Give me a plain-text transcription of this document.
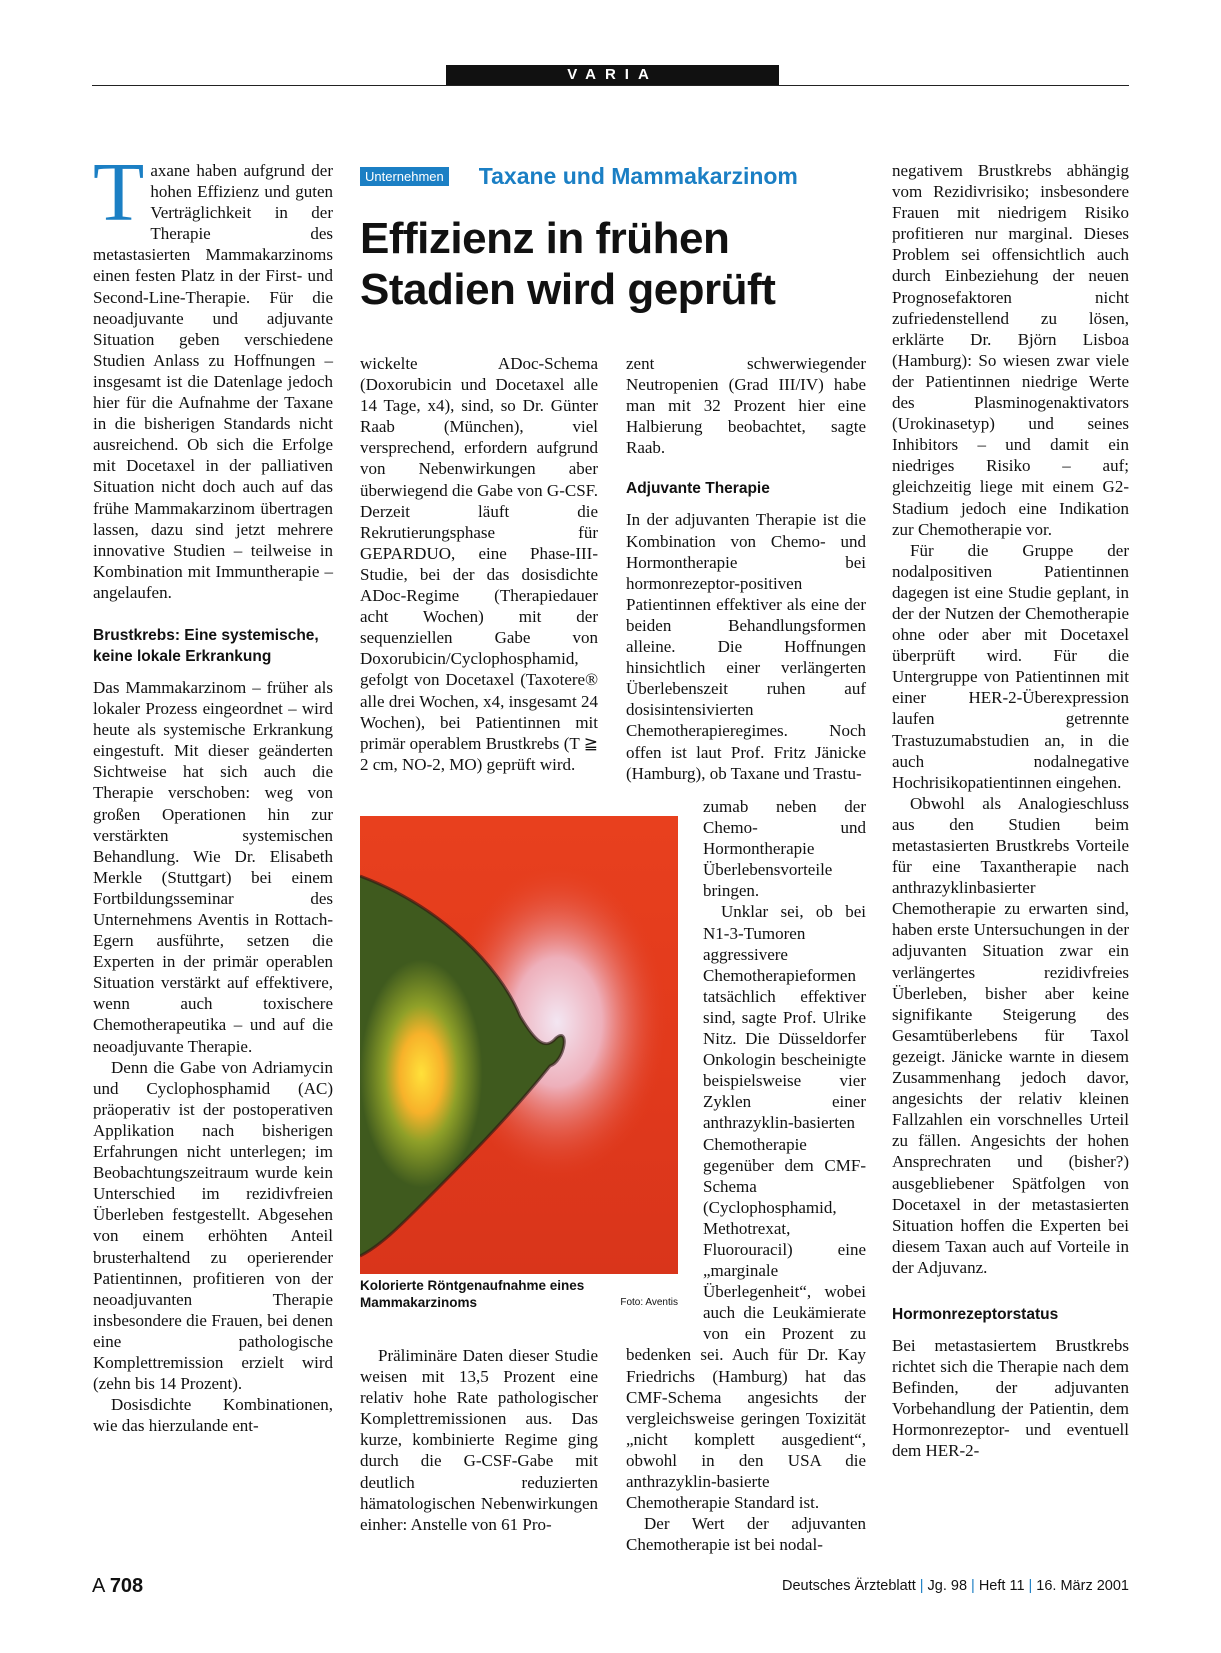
VARIA

Taxane haben aufgrund der hohen Effizienz und guten Verträglichkeit in der Therapie des metastasierten Mammakarzinoms einen festen Platz in der First- und Second-Line-Therapie. Für die neoadjuvante und adjuvante Situation geben verschiedene Studien Anlass zu Hoffnungen – insgesamt ist die Datenlage jedoch hier für die Aufnahme der Taxane in die bisherigen Standards nicht ausreichend. Ob sich die Erfolge mit Docetaxel in der palliativen Situation nicht doch auch auf das frühe Mammakarzinom übertragen lassen, dazu sind jetzt mehrere innovative Studien – teilweise in Kombination mit Immuntherapie – angelaufen.

Brustkrebs: Eine systemische, keine lokale Erkrankung

Das Mammakarzinom – früher als lokaler Prozess eingeordnet – wird heute als systemische Erkrankung eingestuft. Mit dieser geänderten Sichtweise hat sich auch die Therapie verschoben: weg von großen Operationen hin zur verstärkten systemischen Behandlung. Wie Dr. Elisabeth Merkle (Stuttgart) bei einem Fortbildungsseminar des Unternehmens Aventis in Rottach-Egern ausführte, setzen die Experten in der primär operablen Situation verstärkt auf effektivere, wenn auch toxischere Chemotherapeutika – und auf die neoadjuvante Therapie.

Denn die Gabe von Adriamycin und Cyclophosphamid (AC) präoperativ ist der postoperativen Applikation nach bisherigen Erfahrungen nicht unterlegen; im Beobachtungszeitraum wurde kein Unterschied im rezidivfreien Überleben festgestellt. Abgesehen von einem erhöhten Anteil brusterhaltend zu operierender Patientinnen, profitieren von der neoadjuvanten Therapie insbesondere die Frauen, bei denen eine pathologische Komplettremission erzielt wird (zehn bis 14 Prozent).

Dosisdichte Kombinationen, wie das hierzulande ent-

Unternehmen Taxane und Mammakarzinom
Effizienz in frühen
Stadien wird geprüft

wickelte ADoc-Schema (Doxorubicin und Docetaxel alle 14 Tage, x4), sind, so Dr. Günter Raab (München), viel versprechend, erfordern aufgrund von Nebenwirkungen aber überwiegend die Gabe von G-CSF. Derzeit läuft die Rekrutierungsphase für GEPARDUO, eine Phase-III-Studie, bei der das dosisdichte ADoc-Regime (Therapiedauer acht Wochen) mit der sequenziellen Gabe von Doxorubicin/Cyclophosphamid, gefolgt von Docetaxel (Taxotere® alle drei Wochen, x4, insgesamt 24 Wochen), bei Patientinnen mit primär operablem Brustkrebs (T ≧ 2 cm, NO-2, MO) geprüft wird.

Kolorierte Röntgenaufnahme eines Mammakarzinoms	Foto: Aventis

Präliminäre Daten dieser Studie weisen mit 13,5 Prozent eine relativ hohe Rate pathologischer Komplettremissionen aus. Das kurze, kombinierte Regime ging durch die G-CSF-Gabe mit deutlich reduzierten hämatologischen Nebenwirkungen einher: Anstelle von 61 Pro-

zent schwerwiegender Neutropenien (Grad III/IV) habe man mit 32 Prozent hier eine Halbierung beobachtet, sagte Raab.

Adjuvante Therapie

In der adjuvanten Therapie ist die Kombination von Chemo- und Hormontherapie bei hormonrezeptor-positiven Patientinnen effektiver als eine der beiden Behandlungsformen alleine. Die Hoffnungen hinsichtlich einer verlängerten Überlebenszeit ruhen auf dosisintensivierten Chemotherapieregimes. Noch offen ist laut Prof. Fritz Jänicke (Hamburg), ob Taxane und Trastu-

zumab neben der Chemo- und Hormontherapie Überlebensvorteile bringen.

Unklar sei, ob bei N1-3-Tumoren aggressivere Chemotherapieformen tatsächlich effektiver sind, sagte Prof. Ulrike Nitz. Die Düsseldorfer Onkologin bescheinigte beispielsweise vier Zyklen einer anthrazyklin-basierten Chemotherapie gegenüber dem CMF-Schema (Cyclophosphamid, Methotrexat, Fluorouracil) eine „marginale Überlegenheit“, wobei auch die Leukämierate von ein Prozent zu bedenken sei. Auch für Dr. Kay Friedrichs (Hamburg) hat das CMF-Schema angesichts der vergleichsweise geringen Toxizität „nicht komplett ausgedient“, obwohl in den USA die anthrazyklin-basierte Chemotherapie Standard ist.

Der Wert der adjuvanten Chemotherapie ist bei nodal-

negativem Brustkrebs abhängig vom Rezidivrisiko; insbesondere Frauen mit niedrigem Risiko profitieren nur marginal. Dieses Problem sei offensichtlich auch durch Einbeziehung der neuen Prognosefaktoren nicht zufriedenstellend zu lösen, erklärte Dr. Björn Lisboa (Hamburg): So wiesen zwar viele der Patientinnen niedrige Werte des Plasminogenaktivators (Urokinasetyp) und seines Inhibitors – und damit ein niedriges Risiko – auf; gleichzeitig liege mit einem G2-Stadium jedoch eine Indikation zur Chemotherapie vor.

Für die Gruppe der nodalpositiven Patientinnen dagegen ist eine Studie geplant, in der der Nutzen der Chemotherapie ohne oder aber mit Docetaxel überprüft wird. Für die Untergruppe von Patientinnen mit einer HER-2-Überexpression laufen getrennte Trastuzumabstudien an, in die auch nodalnegative Hochrisikopatientinnen eingehen.

Obwohl als Analogieschluss aus den Studien beim metastasierten Brustkrebs Vorteile für eine Taxantherapie nach anthrazyklinbasierter Chemotherapie zu erwarten sind, haben erste Untersuchungen in der adjuvanten Situation zwar ein verlängertes rezidivfreies Überleben, bisher aber keine signifikante Steigerung des Gesamtüberlebens für Taxol gezeigt. Jänicke warnte in diesem Zusammenhang jedoch davor, angesichts der relativ kleinen Fallzahlen ein vorschnelles Urteil zu fällen. Angesichts der hohen Ansprechraten und (bisher?) ausgebliebener Spätfolgen von Docetaxel in der metastasierten Situation hoffen die Experten bei diesem Taxan auch auf Vorteile in der Adjuvanz.

Hormonrezeptorstatus

Bei metastasiertem Brustkrebs richtet sich die Therapie nach dem Befinden, der adjuvanten Vorbehandlung der Patientin, dem Hormonrezeptor- und eventuell dem HER-2-

A 708	Deutsches Ärzteblatt | Jg. 98 | Heft 11 | 16. März 2001
